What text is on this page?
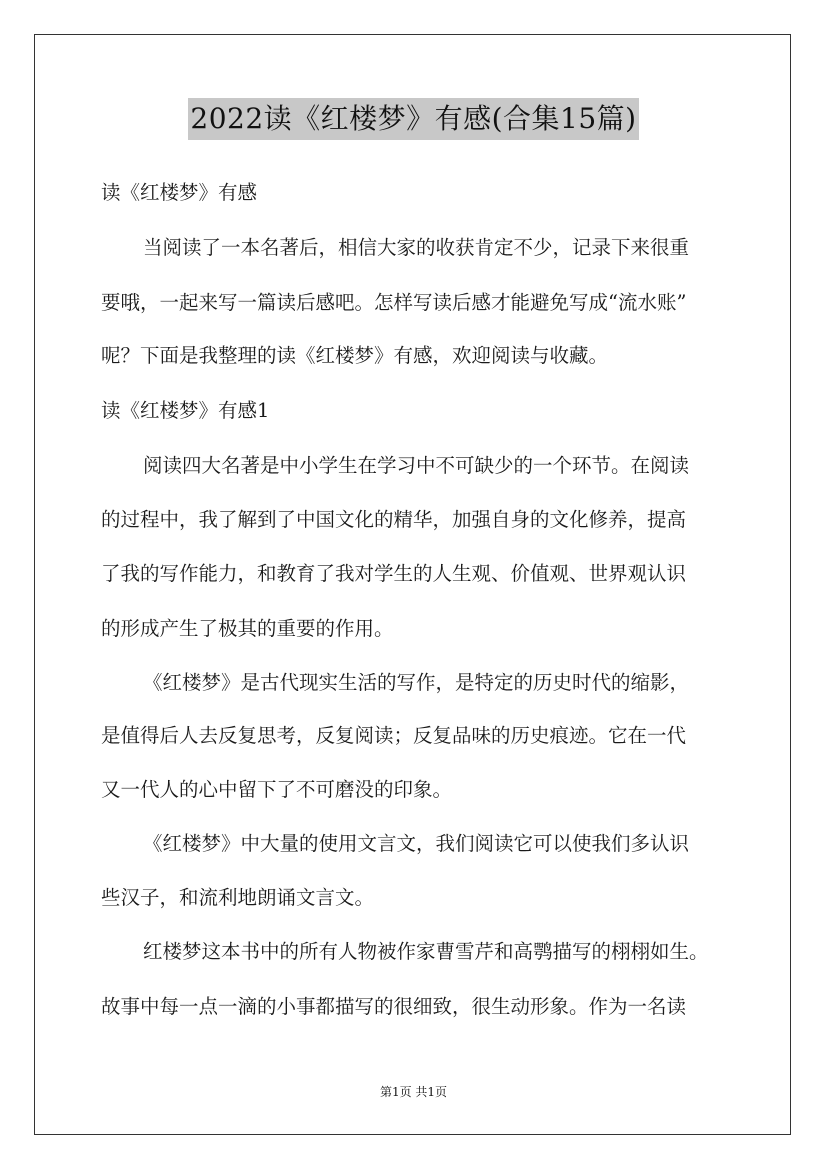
2022读《红楼梦》有感(合集15篇)
读《红楼梦》有感
当阅读了一本名著后，相信大家的收获肯定不少，记录下来很重
要哦，一起来写一篇读后感吧。怎样写读后感才能避免写成“流水账”
呢？下面是我整理的读《红楼梦》有感，欢迎阅读与收藏。
读《红楼梦》有感1
阅读四大名著是中小学生在学习中不可缺少的一个环节。在阅读
的过程中，我了解到了中国文化的精华，加强自身的文化修养，提高
了我的写作能力，和教育了我对学生的人生观、价值观、世界观认识
的形成产生了极其的重要的作用。
《红楼梦》是古代现实生活的写作，是特定的历史时代的缩影，
是值得后人去反复思考，反复阅读；反复品味的历史痕迹。它在一代
又一代人的心中留下了不可磨没的印象。
《红楼梦》中大量的使用文言文，我们阅读它可以使我们多认识
些汉子，和流利地朗诵文言文。
红楼梦这本书中的所有人物被作家曹雪芹和高鹗描写的栩栩如生。
故事中每一点一滴的小事都描写的很细致，很生动形象。作为一名读
第1页 共1页
